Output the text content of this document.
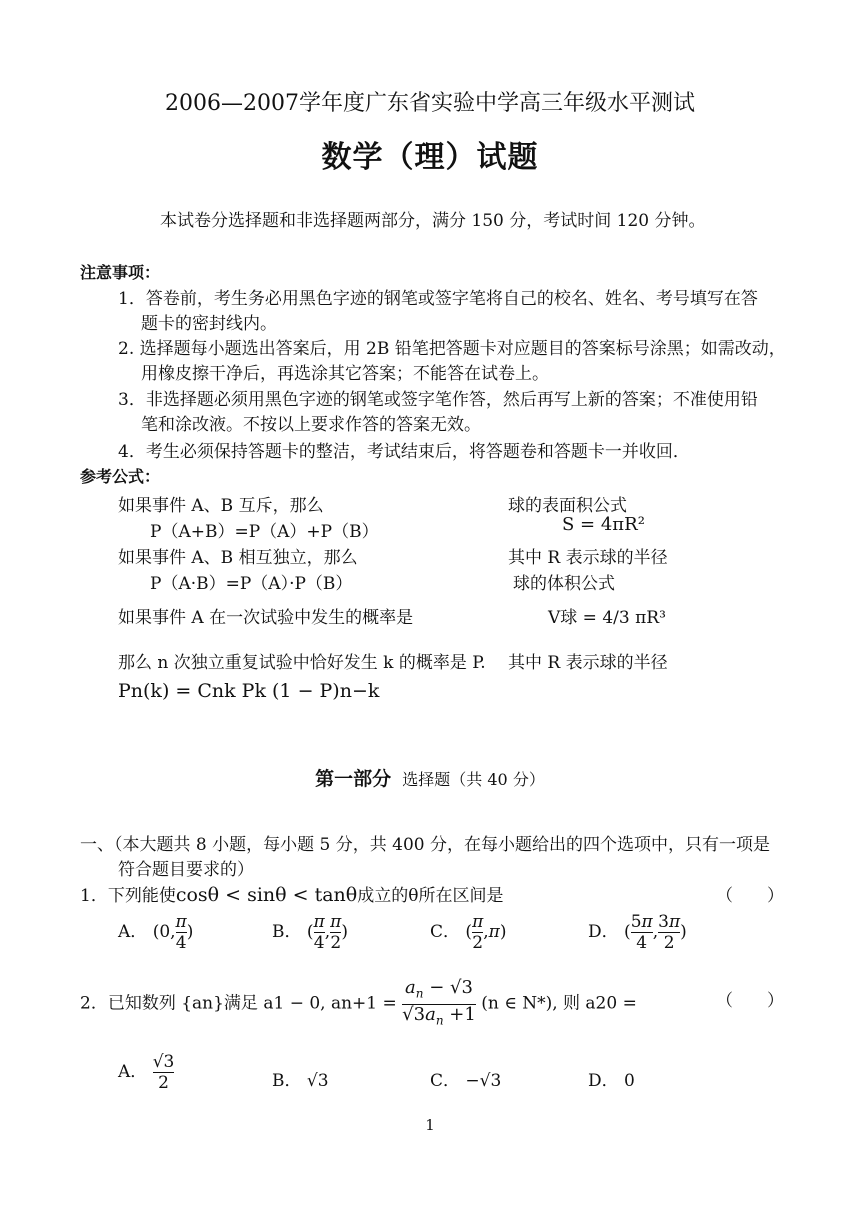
2006—2007学年度广东省实验中学高三年级水平测试
数学（理）试题
本试卷分选择题和非选择题两部分，满分 150 分，考试时间 120 分钟。
注意事项：
1．答卷前，考生务必用黑色字迹的钢笔或签字笔将自己的校名、姓名、考号填写在答
题卡的密封线内。
2. 选择题每小题选出答案后，用 2B 铅笔把答题卡对应题目的答案标号涂黑；如需改动，
用橡皮擦干净后，再选涂其它答案；不能答在试卷上。
3．非选择题必须用黑色字迹的钢笔或签字笔作答，然后再写上新的答案；不准使用铅
笔和涂改液。不按以上要求作答的答案无效。
4．考生必须保持答题卡的整洁，考试结束后，将答题卷和答题卡一并收回．
参考公式：
如果事件 A、B 互斥，那么
P（A+B）=P（A）+P（B）
如果事件 A、B 相互独立，那么
P（A·B）=P（A）·P（B）
如果事件 A 在一次试验中发生的概率是
那么 n 次独立重复试验中恰好发生 k 的概率是 P.
Pn(k) = Cnk Pk (1 − P)n−k
球的表面积公式
S = 4πR²
其中 R 表示球的半径
球的体积公式
V球 = 4/3 πR³
其中 R 表示球的半径
第一部分 选择题（共 40 分）
一、（本大题共 8 小题，每小题 5 分，共 400 分，在每小题给出的四个选项中，只有一项是
符合题目要求的）
1．下列能使cosθ < sinθ < tanθ成立的θ所在区间是	（　　）
A． (0, $\frac{\pi}{4}$ )	B． ( $\frac{\pi}{4}$ , $\frac{\pi}{2}$ )	C． ( $\frac{\pi}{2} ,\pi$)	D． ( $\frac{5\pi}{4}$ , $\frac{3\pi}{2}$ )
2．已知数列 {an}满足 a1 − 0, $an+1 = \frac{a_n - √3}{√3a_n +1} (n$ ∈ N*), 则 a20 =	（　　）
A． $\frac{√3}{2}$	B． √3	C． −√3	D． 0
1
